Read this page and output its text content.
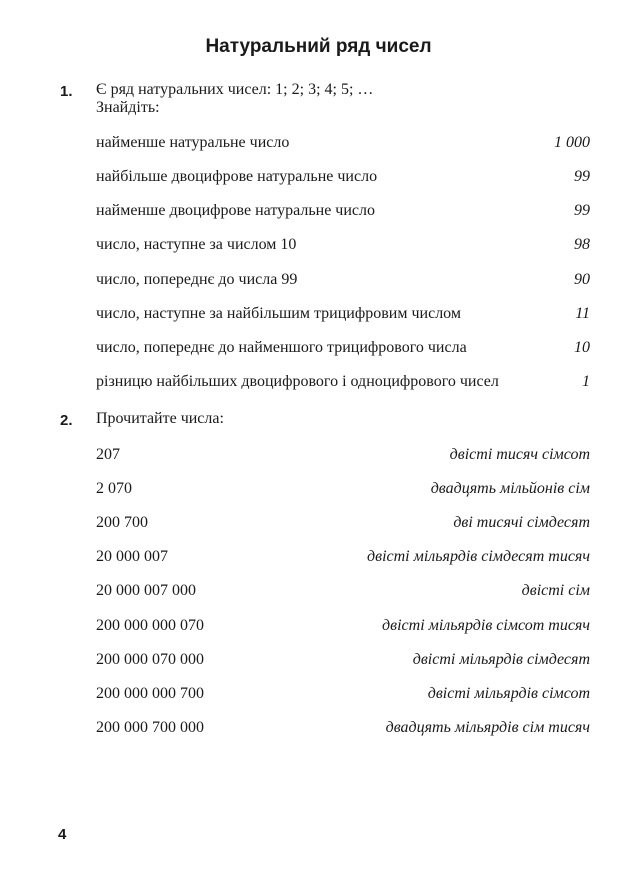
Натуральний ряд чисел
1. Є ряд натуральних чисел: 1; 2; 3; 4; 5; …
Знайдіть:
найменше натуральне число	1 000
найбільше двоцифрове натуральне число	99
найменше двоцифрове натуральне число	99
число, наступне за числом 10	98
число, попереднє до числа 99	90
число, наступне за найбільшим трицифровим числом	11
число, попереднє до найменшого трицифрового числа	10
різницю найбільших двоцифрового і одноцифрового чисел	1
2. Прочитайте числа:
207	двісті тисяч сімсот
2 070	двадцять мільйонів сім
200 700	дві тисячі сімдесят
20 000 007	двісті мільярдів сімдесят тисяч
20 000 007 000	двісті сім
200 000 000 070	двісті мільярдів сімсот тисяч
200 000 070 000	двісті мільярдів сімдесят
200 000 000 700	двісті мільярдів сімсот
200 000 700 000	двадцять мільярдів сім тисяч
4
